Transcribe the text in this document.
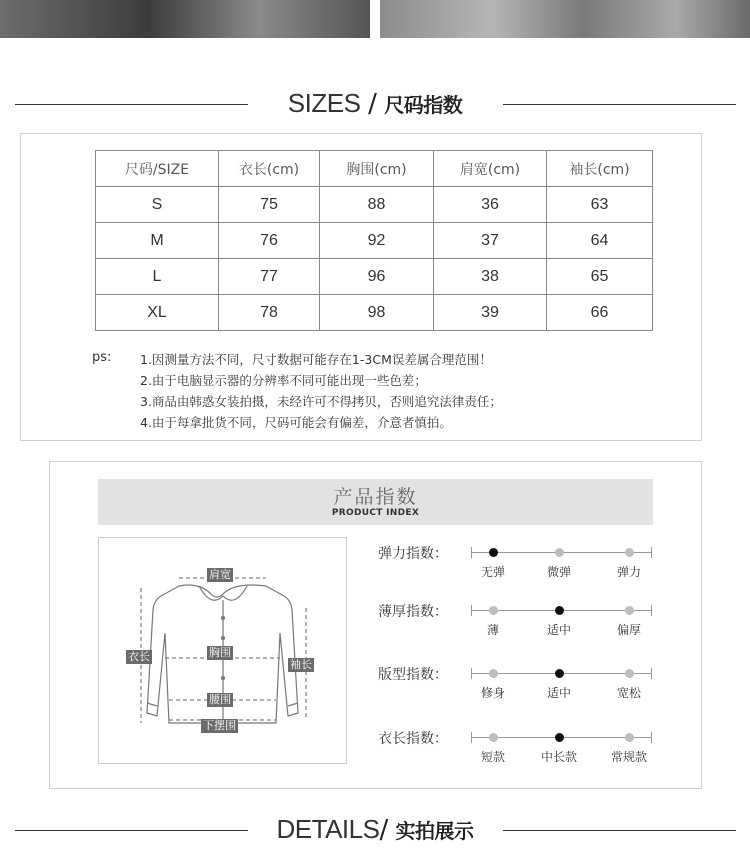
SIZES / 尺码指数
尺码/SIZE	衣长(cm)	胸围(cm)	肩宽(cm)	袖长(cm)
S	75	88	36	63
M	76	92	37	64
L	77	96	38	65
XL	78	98	39	66
ps: 1.因测量方法不同，尺寸数据可能存在1-3CM误差属合理范围！
2.由于电脑显示器的分辨率不同可能出现一些色差；
3.商品由韩惑女装拍摄，未经许可不得拷贝，否则追究法律责任；
4.由于每拿批货不同，尺码可能会有偏差，介意者慎拍。
产品指数
PRODUCT INDEX
肩宽
衣长	胸围
袖长
腰围
下摆围
弹力指数：
无弹	微弹	弹力
薄厚指数：
薄	适中	偏厚
版型指数：
修身	适中	宽松
衣长指数：
短款	中长款	常规款
DETAILS/ 实拍展示
